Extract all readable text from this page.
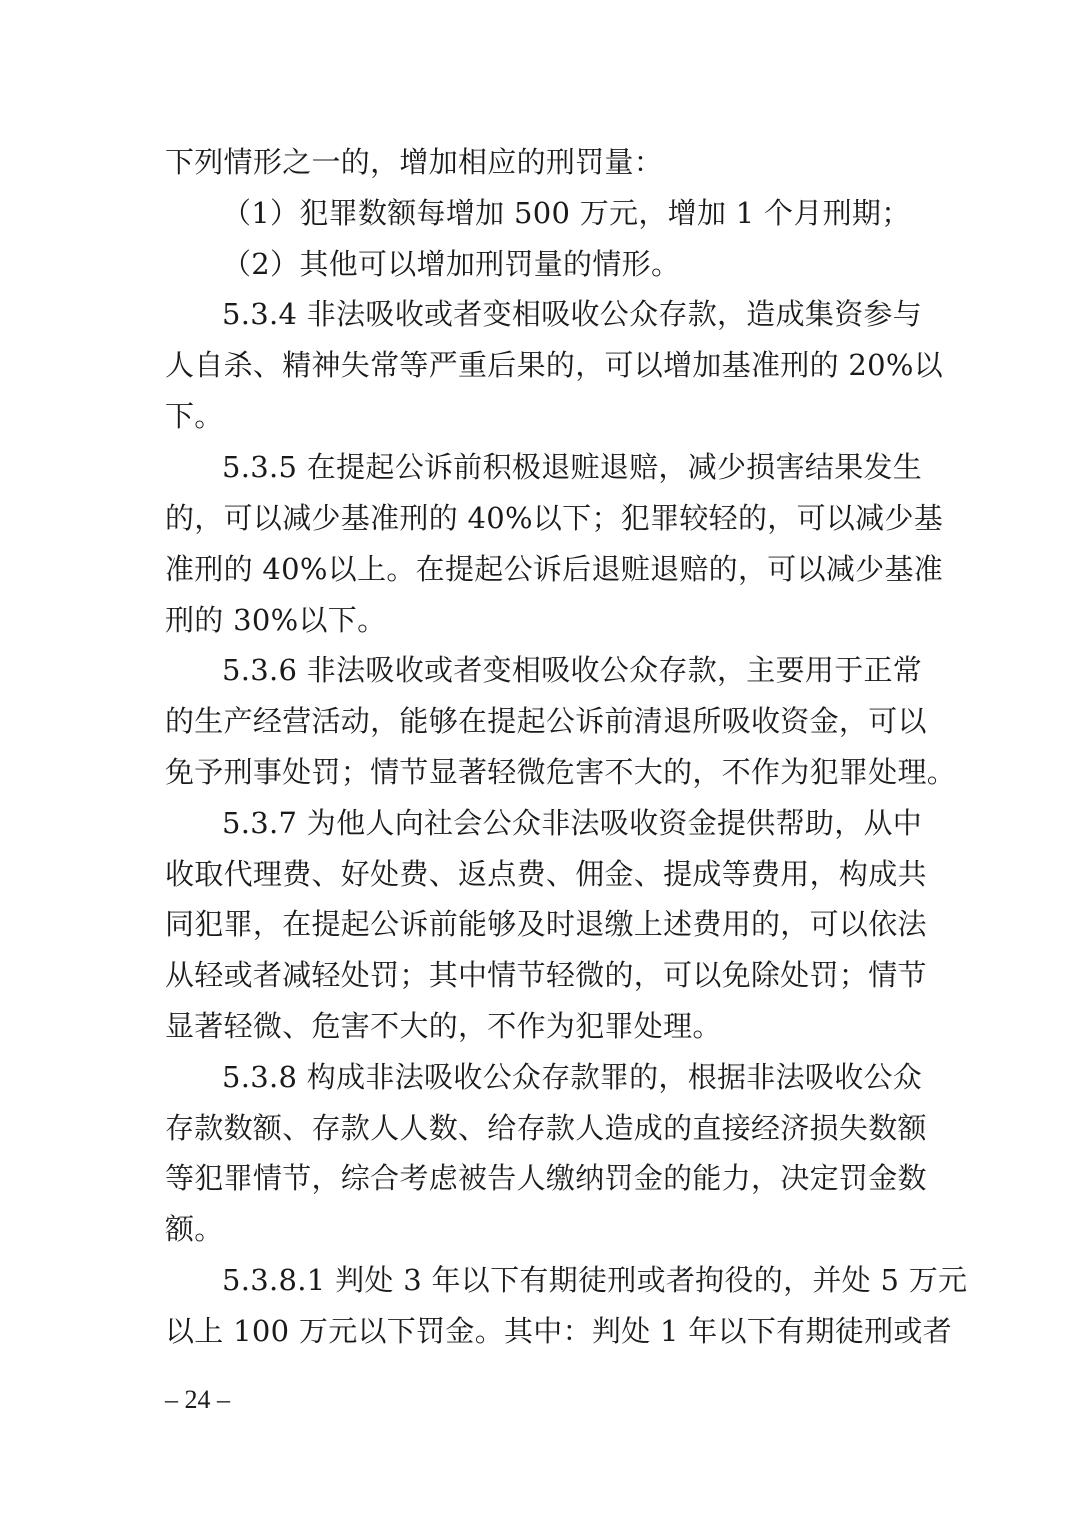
下列情形之一的，增加相应的刑罚量：
（1）犯罪数额每增加 500 万元，增加 1 个月刑期；
（2）其他可以增加刑罚量的情形。
5.3.4 非法吸收或者变相吸收公众存款，造成集资参与
人自杀、精神失常等严重后果的，可以增加基准刑的 20%以
下。
5.3.5 在提起公诉前积极退赃退赔，减少损害结果发生
的，可以减少基准刑的 40%以下；犯罪较轻的，可以减少基
准刑的 40%以上。在提起公诉后退赃退赔的，可以减少基准
刑的 30%以下。
5.3.6 非法吸收或者变相吸收公众存款，主要用于正常
的生产经营活动，能够在提起公诉前清退所吸收资金，可以
免予刑事处罚；情节显著轻微危害不大的，不作为犯罪处理。
5.3.7 为他人向社会公众非法吸收资金提供帮助，从中
收取代理费、好处费、返点费、佣金、提成等费用，构成共
同犯罪，在提起公诉前能够及时退缴上述费用的，可以依法
从轻或者减轻处罚；其中情节轻微的，可以免除处罚；情节
显著轻微、危害不大的，不作为犯罪处理。
5.3.8 构成非法吸收公众存款罪的，根据非法吸收公众
存款数额、存款人人数、给存款人造成的直接经济损失数额
等犯罪情节，综合考虑被告人缴纳罚金的能力，决定罚金数
额。
5.3.8.1 判处 3 年以下有期徒刑或者拘役的，并处 5 万元
以上 100 万元以下罚金。其中：判处 1 年以下有期徒刑或者
– 24 –
